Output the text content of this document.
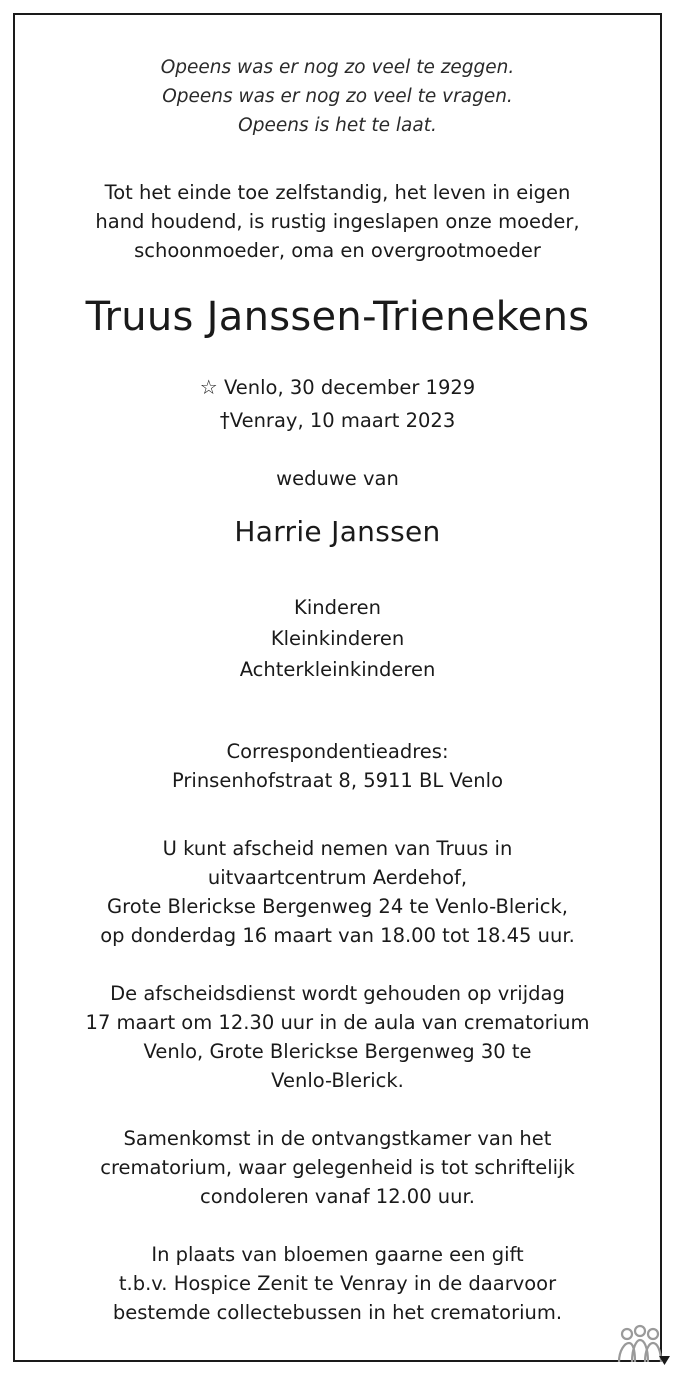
Opeens was er nog zo veel te zeggen.
Opeens was er nog zo veel te vragen.
Opeens is het te laat.
Tot het einde toe zelfstandig, het leven in eigen
hand houdend, is rustig ingeslapen onze moeder,
schoonmoeder, oma en overgrootmoeder
Truus Janssen-Trienekens
☆ Venlo, 30 december 1929
†Venray, 10 maart 2023
weduwe van
Harrie Janssen
Kinderen
Kleinkinderen
Achterkleinkinderen
Correspondentieadres:
Prinsenhofstraat 8, 5911 BL Venlo
U kunt afscheid nemen van Truus in
uitvaartcentrum Aerdehof,
Grote Blerickse Bergenweg 24 te Venlo-Blerick,
op donderdag 16 maart van 18.00 tot 18.45 uur.
De afscheidsdienst wordt gehouden op vrijdag
17 maart om 12.30 uur in de aula van crematorium
Venlo, Grote Blerickse Bergenweg 30 te
Venlo-Blerick.
Samenkomst in de ontvangstkamer van het
crematorium, waar gelegenheid is tot schriftelijk
condoleren vanaf 12.00 uur.
In plaats van bloemen gaarne een gift
t.b.v. Hospice Zenit te Venray in de daarvoor
bestemde collectebussen in het crematorium.
